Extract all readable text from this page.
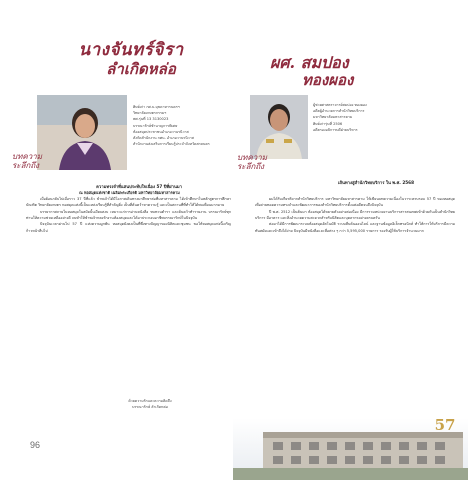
นางจันทร์จิรา
ลำเกิดหล่อ
บทความ
ระลึกถึง
ศิษย์เก่า กศ.บ.มุขดาหารนครฯ
วิทยาลัยเกษตรกรรมฯ
พศ.รุ่นที่ 13 3130023
บรรณารักษ์ชำนาญการพิเศษ
ห้องสมุดประชาชนอำเภอวานรนิวาส
สังกัดสำนักงาน กศน. อำเภอวานรนิวาส
สำนักงานส่งเสริมการเรียนรู้ประจำจังหวัดสกลนคร
ผศ. สมปอง
ทองผอง
บทความ
ระลึกถึง
ผู้ช่วยศาสตราจารย์สมปอง ทองผอง
อดีตผู้อำนวยการสำนักวิทยบริการ
มหาวิทยาลัยมหาสารคาม
ศิษย์เก่ารุ่นที่ 2506
อดีตรองอธิการบดีฝ่ายบริหาร
ความทรงจำที่แสนประทับใจเนื่อง 57 ปีที่ผ่านมา
ณ หอสมุดแห่งชาติ เฉลิมพระเกียรติ มหาวิทยาลัยมหาสารคาม
เส้นทางสู่สำนักวิทยบริการ ใน พ.ศ. 2568

เมื่อย้อนกลับไปเมื่อราว 37 ปีที่แล้ว ข้าพเจ้าได้มีโอกาสเดินทางมาศึกษาต่อที่มหาสารคาม ได้เข้าศึกษาในหลักสูตรการศึกษาบัณฑิต วิทยาลัยเกษตร หอสมุดแห่งนี้เป็นแหล่งเรียนรู้ที่สำคัญยิ่ง เป็นที่ค้นคว้าหาความรู้ และเป็นสถานที่ที่ทำให้ได้พบเพื่อนมากมาย

บรรยากาศภายในหอสมุดในสมัยนั้นเงียบสงบ เหมาะแก่การอ่านหนังสือ ทบทวนตำรา และค้นคว้าทำรายงาน บรรณารักษ์ทุกท่านให้ความช่วยเหลืออย่างดี จนทำให้ข้าพเจ้าหลงรักงานห้องสมุดและได้มาประกอบอาชีพบรรณารักษ์ในปัจจุบัน

ปัจจุบันเวลาผ่านไป 57 ปี แห่งความผูกพัน หอสมุดยังคงเป็นที่พึ่งทางปัญญาของนิสิตและชุมชน ขอให้หอสมุดแห่งนี้เจริญก้าวหน้าสืบไป

ด้วยความรักและความคิดถึง
บรรณารักษ์ ลำเกิดหล่อ

ผมได้รับเกียรติจากสำนักวิทยบริการ มหาวิทยาลัยมหาสารคาม ให้เขียนบทความเนื่องในวาระครบรอบ 57 ปี ของหอสมุด เพื่อถ่ายทอดความทรงจำและพัฒนาการของสำนักวิทยบริการตั้งแต่อดีตจนถึงปัจจุบัน

ปี พ.ศ. 2512 เป็นต้นมา ห้องสมุดได้ขยายตัวอย่างต่อเนื่อง มีการรวมหน่วยงานบริการสารสนเทศเข้าด้วยกันเป็นสำนักวิทยบริการ มีอาคาร และสิ่งอำนวยความสะดวกสำหรับนิสิตและบุคลากรอย่างครบครัน

ต่อมาได้มีการพัฒนาระบบห้องสมุดอัตโนมัติ ระบบสืบค้นออนไลน์ และฐานข้อมูลอิเล็กทรอนิกส์ ทำให้การให้บริการมีความทันสมัยและเข้าถึงได้ง่าย ปัจจุบันมีหนังสือและสื่อต่าง ๆ กว่า 5,595,000 รายการ รองรับผู้ใช้บริการจำนวนมาก

57
96
